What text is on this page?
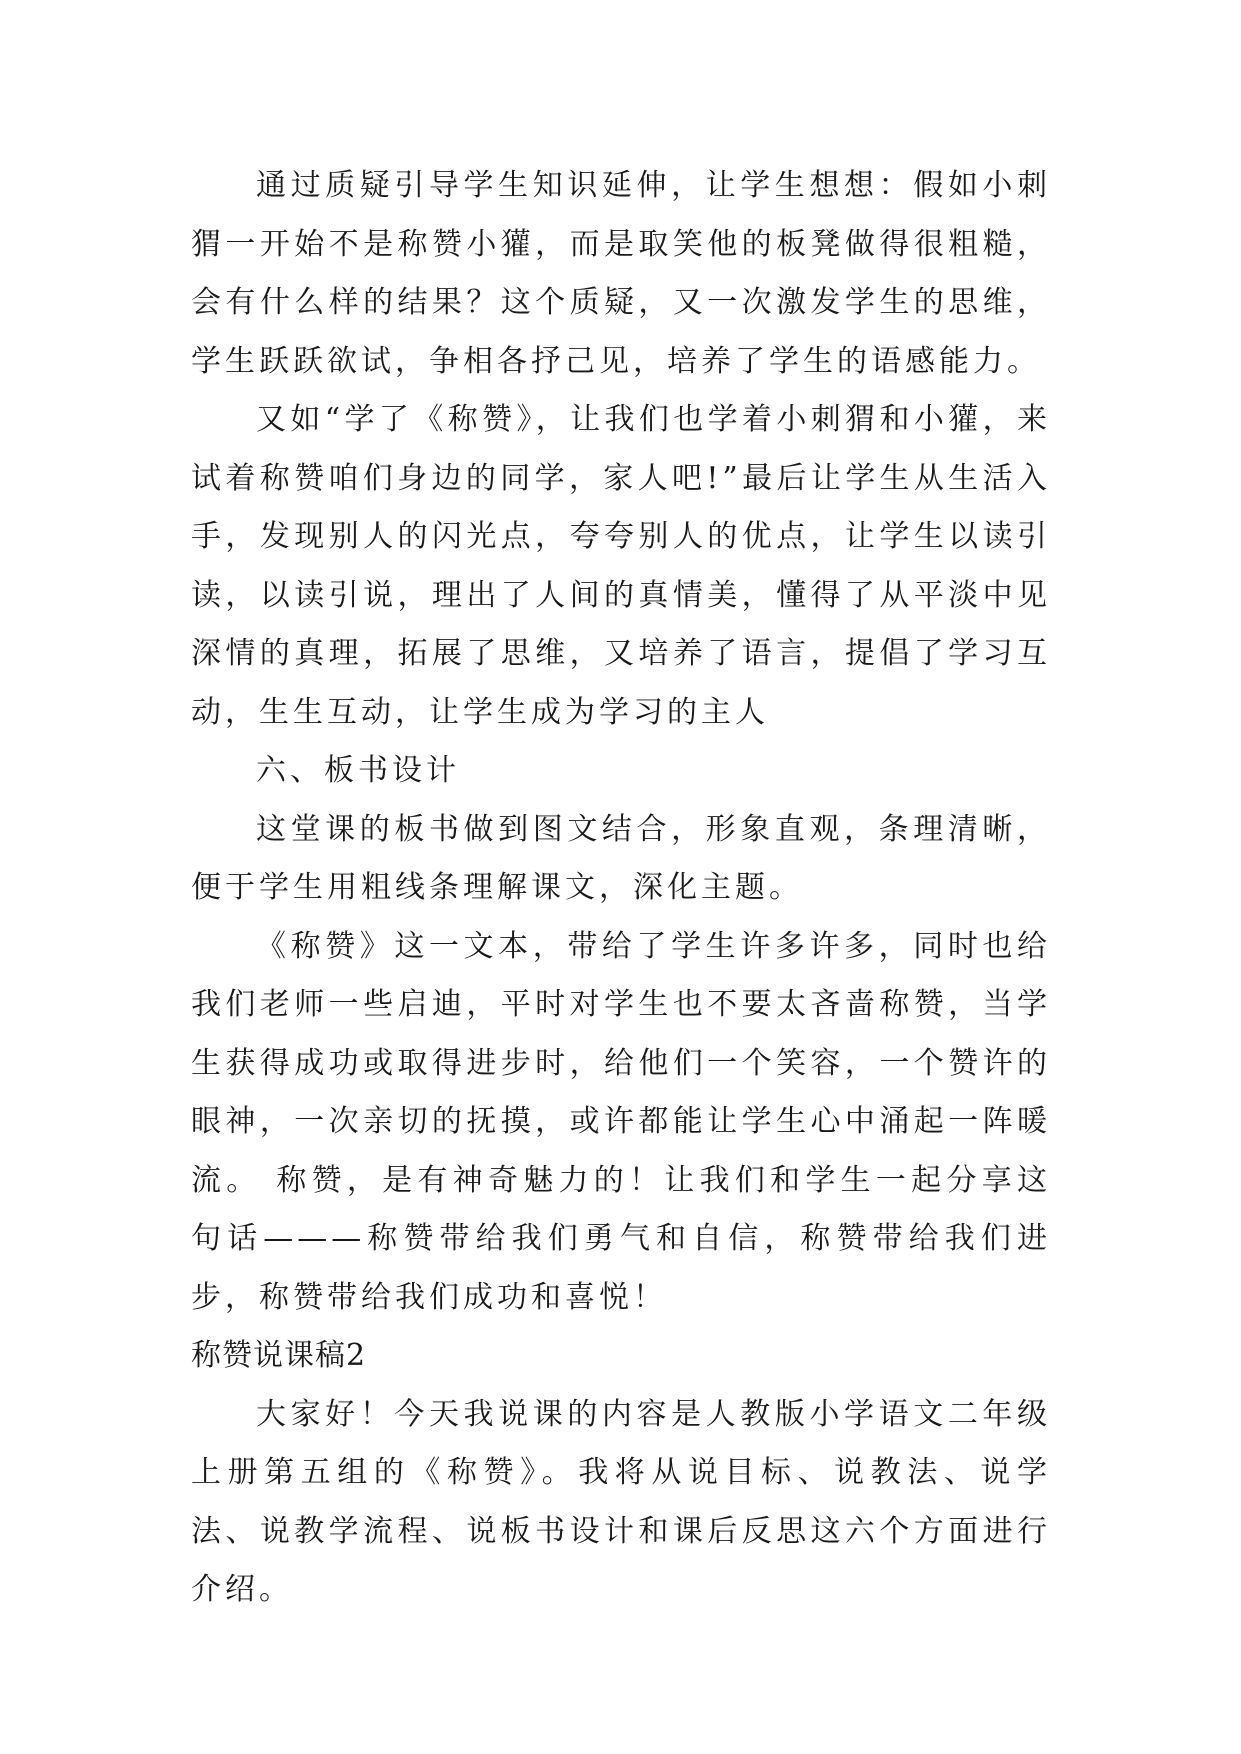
通过质疑引导学生知识延伸，让学生想想：假如小刺猬一开始不是称赞小獾，而是取笑他的板凳做得很粗糙，会有什么样的结果？这个质疑，又一次激发学生的思维，学生跃跃欲试，争相各抒己见，培养了学生的语感能力。

又如“学了《称赞》，让我们也学着小刺猬和小獾，来试着称赞咱们身边的同学，家人吧!”最后让学生从生活入手，发现别人的闪光点，夸夸别人的优点，让学生以读引读，以读引说，理出了人间的真情美，懂得了从平淡中见深情的真理，拓展了思维，又培养了语言，提倡了学习互动，生生互动，让学生成为学习的主人

六、板书设计

这堂课的板书做到图文结合，形象直观，条理清晰，便于学生用粗线条理解课文，深化主题。

《称赞》这一文本，带给了学生许多许多，同时也给我们老师一些启迪，平时对学生也不要太吝啬称赞，当学生获得成功或取得进步时，给他们一个笑容，一个赞许的眼神，一次亲切的抚摸，或许都能让学生心中涌起一阵暖流。 称赞，是有神奇魅力的！让我们和学生一起分享这句话———称赞带给我们勇气和自信，称赞带给我们进步，称赞带给我们成功和喜悦！

称赞说课稿2

大家好！今天我说课的内容是人教版小学语文二年级上册第五组的《称赞》。我将从说目标、说教法、说学法、说教学流程、说板书设计和课后反思这六个方面进行介绍。
